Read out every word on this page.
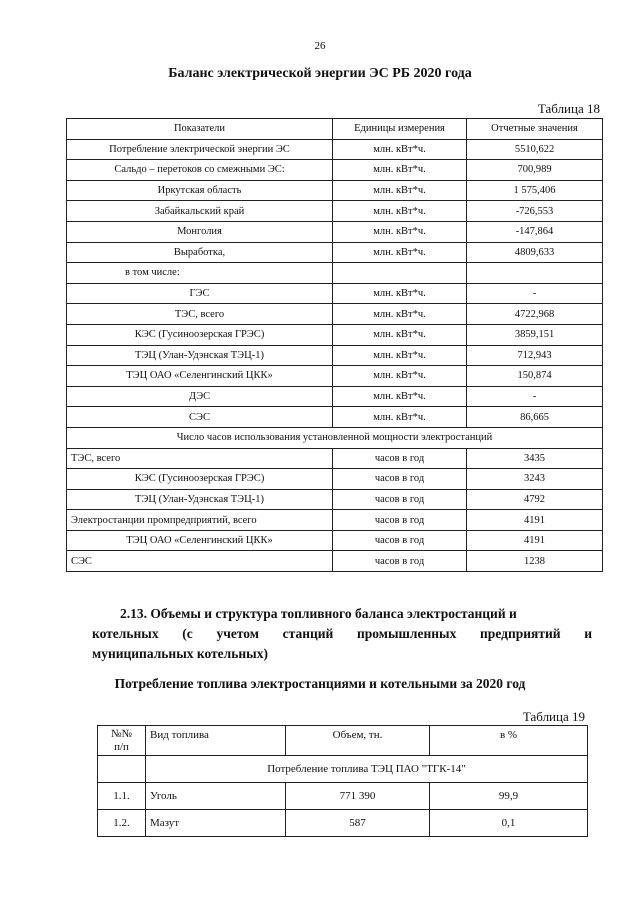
26
Баланс электрической энергии ЭС РБ 2020 года
Таблица 18
Показатели	Единицы измерения	Отчетные значения
Потребление электрической энергии ЭС	млн. кВт*ч.	5510,622
Сальдо – перетоков со смежными ЭС:	млн. кВт*ч.	700,989
Иркутская область	млн. кВт*ч.	1 575,406
Забайкальский край	млн. кВт*ч.	-726,553
Монголия	млн. кВт*ч.	-147,864
Выработка,	млн. кВт*ч.	4809,633
в том числе:		
ГЭС	млн. кВт*ч.	-
ТЭС, всего	млн. кВт*ч.	4722,968
КЭС (Гусиноозерская ГРЭС)	млн. кВт*ч.	3859,151
ТЭЦ (Улан-Удэнская ТЭЦ-1)	млн. кВт*ч.	712,943
ТЭЦ ОАО «Селенгинский ЦКК»	млн. кВт*ч.	150,874
ДЭС	млн. кВт*ч.	-
СЭС	млн. кВт*ч.	86,665
Число часов использования установленной мощности электростанций		
ТЭС, всего	часов в год	3435
КЭС (Гусиноозерская ГРЭС)	часов в год	3243
ТЭЦ (Улан-Удэнская ТЭЦ-1)	часов в год	4792
Электростанции промпредприятий, всего	часов в год	4191
ТЭЦ ОАО «Селенгинский ЦКК»	часов в год	4191
СЭС	часов в год	1238
2.13. Объемы и структура топливного баланса электростанций и
котельных (с учетом станций промышленных предприятий и
муниципальных котельных)
Потребление топлива электростанциями и котельными за 2020 год
Таблица 19
№№
п/п	Вид топлива	Объем, тн.	в %
	Потребление топлива ТЭЦ ПАО "ТГК-14"		
1.1.	Уголь	771 390	99,9
1.2.	Мазут	587	0,1
